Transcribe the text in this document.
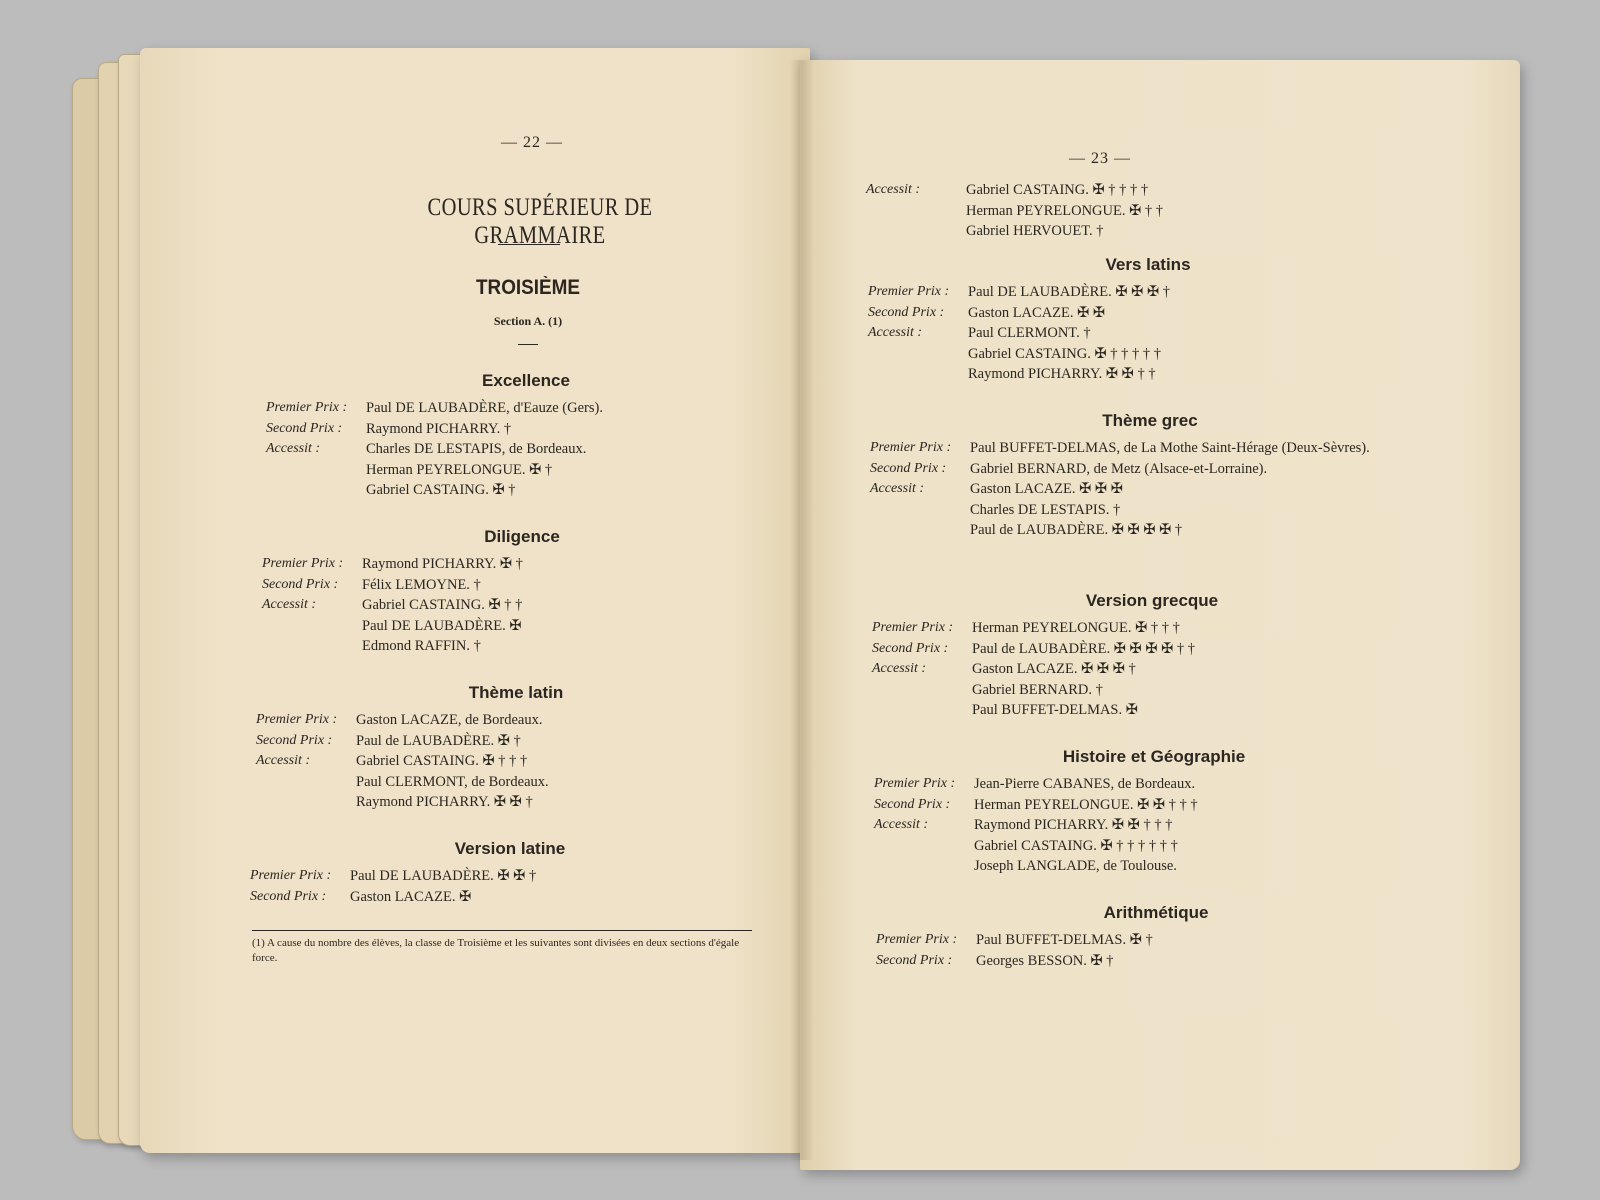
— 22 —
COURS SUPÉRIEUR DE GRAMMAIRE
TROISIÈME
Section A. (1)
Excellence
Premier Prix :	Paul DE LAUBADÈRE, d'Eauze (Gers).
Second Prix :	Raymond PICHARRY. †
Accessit :	Charles DE LESTAPIS, de Bordeaux.
Herman PEYRELONGUE. ✠ †
Gabriel CASTAING. ✠ †
Diligence
Premier Prix :	Raymond PICHARRY. ✠ †
Second Prix :	Félix LEMOYNE. †
Accessit :	Gabriel CASTAING. ✠ † †
Paul DE LAUBADÈRE. ✠
Edmond RAFFIN. †
Thème latin
Premier Prix :	Gaston LACAZE, de Bordeaux.
Second Prix :	Paul de LAUBADÈRE. ✠ †
Accessit :	Gabriel CASTAING. ✠ † † †
Paul CLERMONT, de Bordeaux.
Raymond PICHARRY. ✠ ✠ †
Version latine
Premier Prix :	Paul DE LAUBADÈRE. ✠ ✠ †
Second Prix :	Gaston LACAZE. ✠
(1) A cause du nombre des élèves, la classe de Troisième et les suivantes sont divisées en deux sections d'égale force.
— 23 —
Accessit :	Gabriel CASTAING. ✠ † † † †
Herman PEYRELONGUE. ✠ † †
Gabriel HERVOUET. †
Vers latins
Premier Prix :	Paul DE LAUBADÈRE. ✠ ✠ ✠ †
Second Prix :	Gaston LACAZE. ✠ ✠
Accessit :	Paul CLERMONT. †
Gabriel CASTAING. ✠ † † † † †
Raymond PICHARRY. ✠ ✠ † †
Thème grec
Premier Prix :	Paul BUFFET-DELMAS, de La Mothe Saint-Hérage (Deux-Sèvres).
Second Prix :	Gabriel BERNARD, de Metz (Alsace-et-Lorraine).
Accessit :	Gaston LACAZE. ✠ ✠ ✠
Charles DE LESTAPIS. †
Paul de LAUBADÈRE. ✠ ✠ ✠ ✠ †
Version grecque
Premier Prix :	Herman PEYRELONGUE. ✠ † † †
Second Prix :	Paul de LAUBADÈRE. ✠ ✠ ✠ ✠ † †
Accessit :	Gaston LACAZE. ✠ ✠ ✠ †
Gabriel BERNARD. †
Paul BUFFET-DELMAS. ✠
Histoire et Géographie
Premier Prix :	Jean-Pierre CABANES, de Bordeaux.
Second Prix :	Herman PEYRELONGUE. ✠ ✠ † † †
Accessit :	Raymond PICHARRY. ✠ ✠ † † †
Gabriel CASTAING. ✠ † † † † † †
Joseph LANGLADE, de Toulouse.
Arithmétique
Premier Prix :	Paul BUFFET-DELMAS. ✠ †
Second Prix :	Georges BESSON. ✠ †
